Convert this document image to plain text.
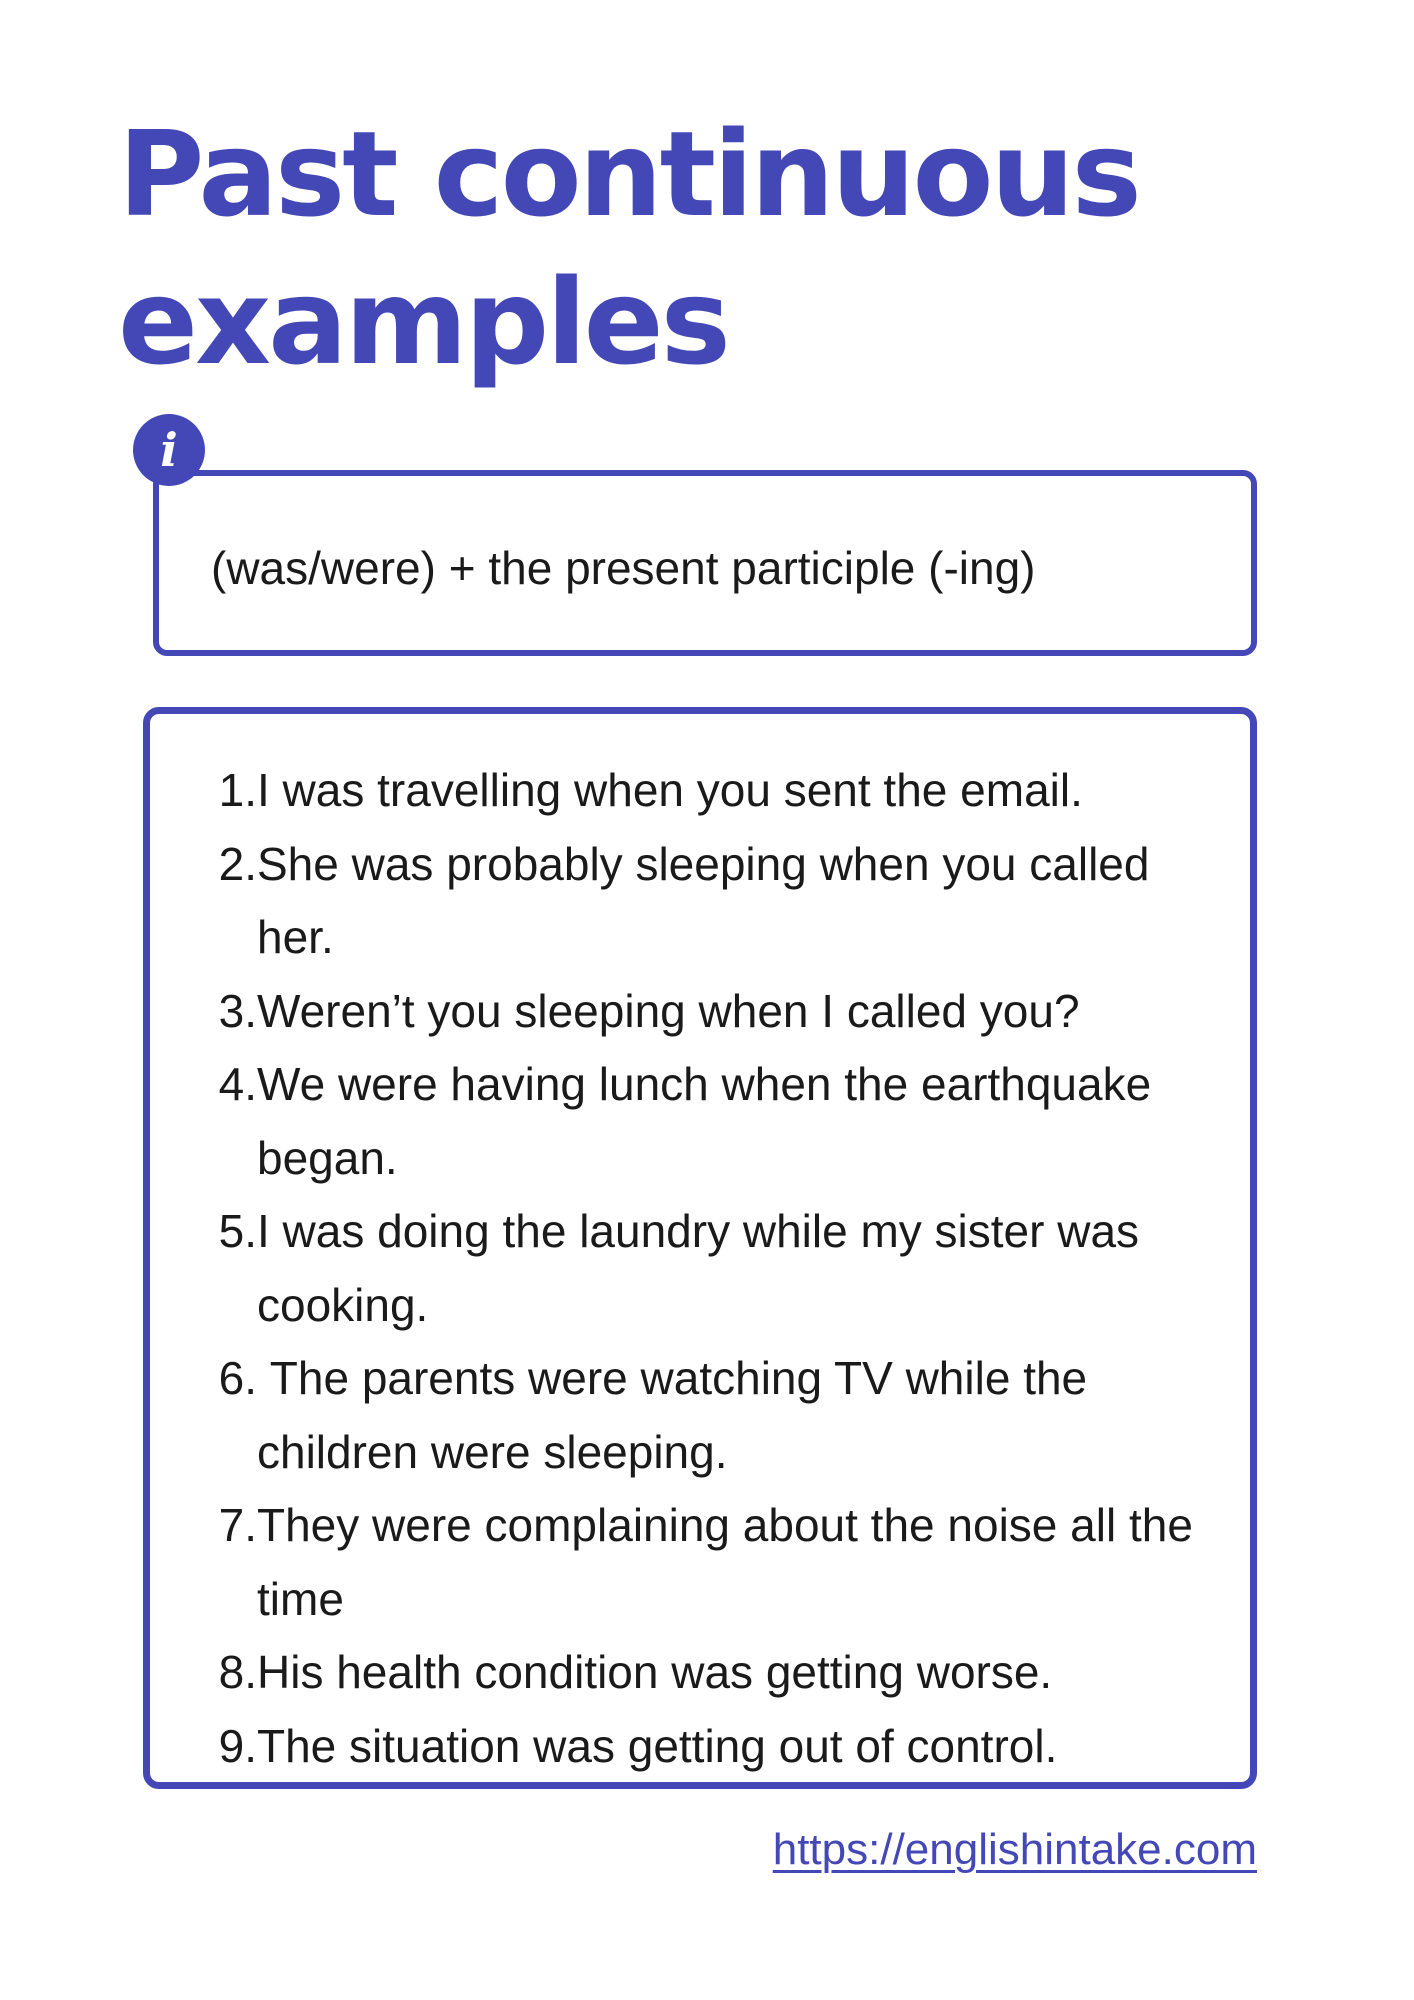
Past continuous examples
i
(was/were) + the present participle (-ing)
1. I was travelling when you sent the email.
2. She was probably sleeping when you called her.
3. Weren’t you sleeping when I called you?
4. We were having lunch when the earthquake began.
5. I was doing the laundry while my sister was cooking.
6. The parents were watching TV while the children were sleeping.
7. They were complaining about the noise all the time
8. His health condition was getting worse.
9. The situation was getting out of control.
https://englishintake.com
